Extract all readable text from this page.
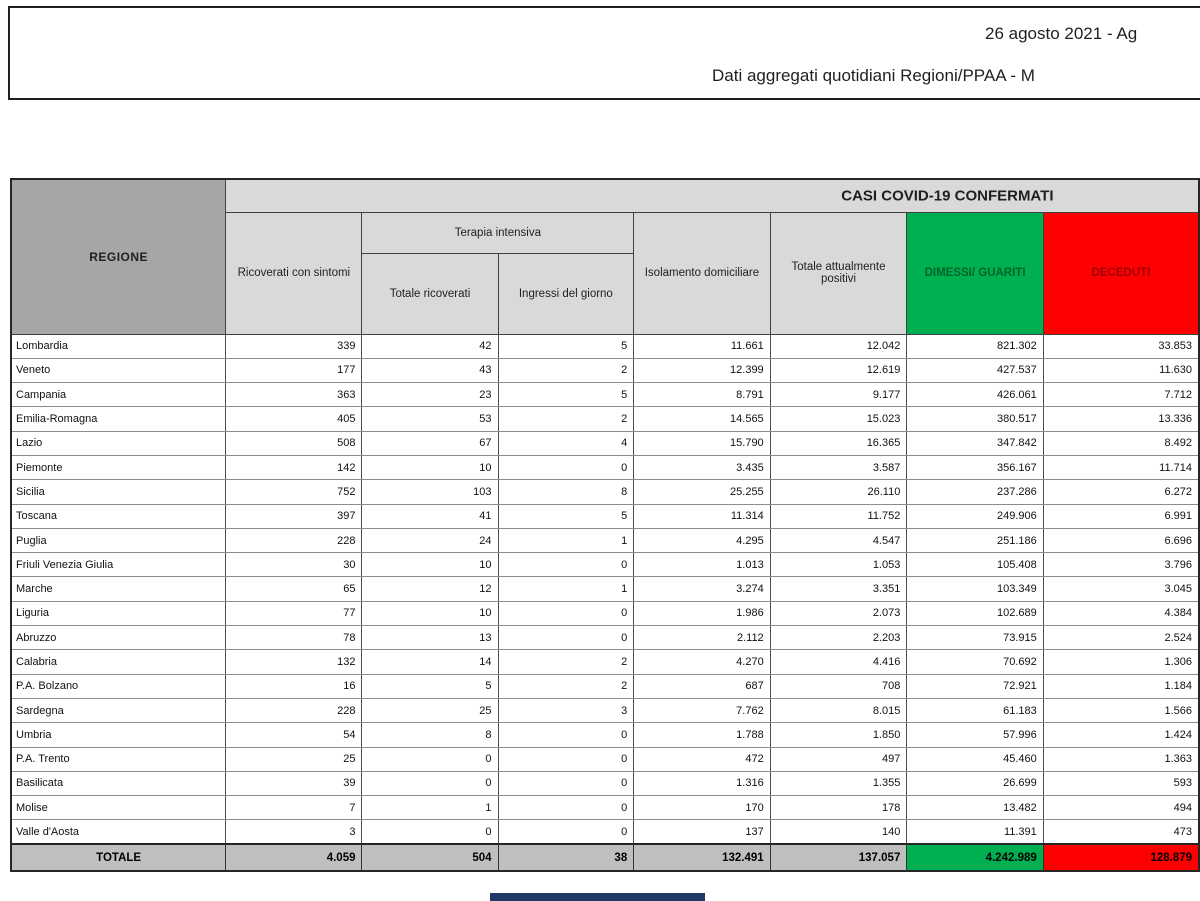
26 agosto 2021 - Ag
Dati aggregati quotidiani Regioni/PPAA - M
REGIONE	CASI COVID-19 CONFERMATI						

	Ricoverati con sintomi	Terapia intensiva		Isolamento domiciliare	Totale attualmente positivi	DIMESSI/ GUARITI	DECEDUTI
		Totale ricoverati	Ingressi del giorno				
Lombardia	339	42	5	11.661	12.042	821.302	33.853
Veneto	177	43	2	12.399	12.619	427.537	11.630
Campania	363	23	5	8.791	9.177	426.061	7.712
Emilia-Romagna	405	53	2	14.565	15.023	380.517	13.336
Lazio	508	67	4	15.790	16.365	347.842	8.492
Piemonte	142	10	0	3.435	3.587	356.167	11.714
Sicilia	752	103	8	25.255	26.110	237.286	6.272
Toscana	397	41	5	11.314	11.752	249.906	6.991
Puglia	228	24	1	4.295	4.547	251.186	6.696
Friuli Venezia Giulia	30	10	0	1.013	1.053	105.408	3.796
Marche	65	12	1	3.274	3.351	103.349	3.045
Liguria	77	10	0	1.986	2.073	102.689	4.384
Abruzzo	78	13	0	2.112	2.203	73.915	2.524
Calabria	132	14	2	4.270	4.416	70.692	1.306
P.A. Bolzano	16	5	2	687	708	72.921	1.184
Sardegna	228	25	3	7.762	8.015	61.183	1.566
Umbria	54	8	0	1.788	1.850	57.996	1.424
P.A. Trento	25	0	0	472	497	45.460	1.363
Basilicata	39	0	0	1.316	1.355	26.699	593
Molise	7	1	0	170	178	13.482	494
Valle d'Aosta	3	0	0	137	140	11.391	473
TOTALE	4.059	504	38	132.491	137.057	4.242.989	128.879
